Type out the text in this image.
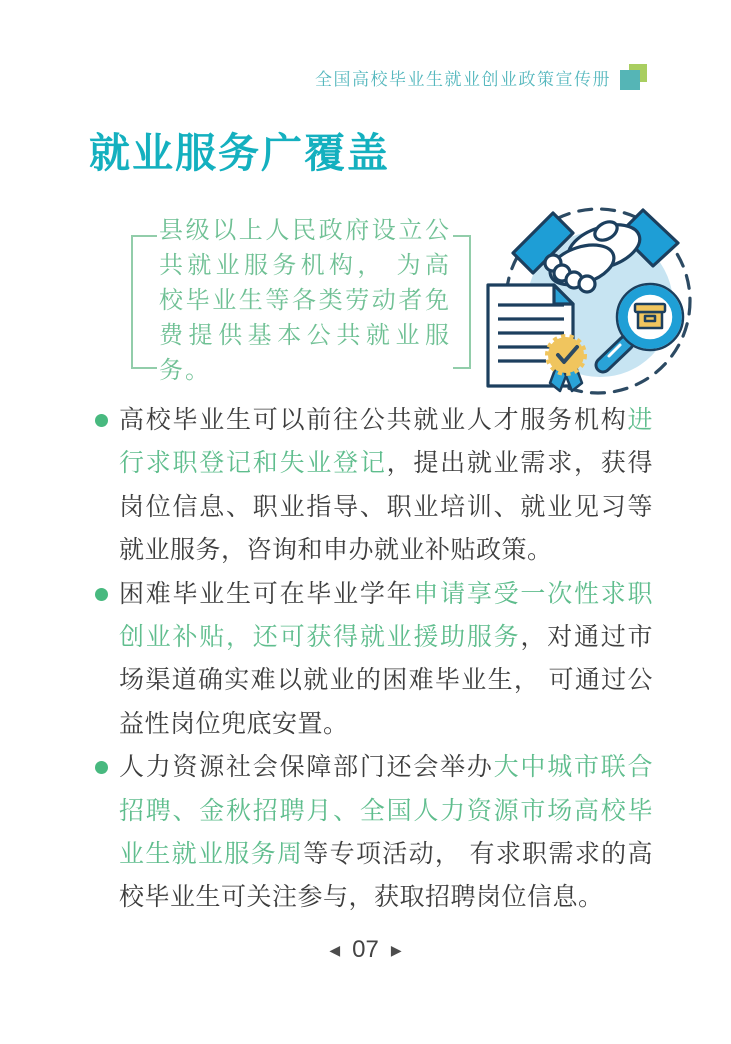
全国高校毕业生就业创业政策宣传册
就业服务广覆盖

县级以上人民政府设立公共就业服务机构， 为高校毕业生等各类劳动者免费提供基本公共就业服务。

高校毕业生可以前往公共就业人才服务机构进行求职登记和失业登记，提出就业需求，获得岗位信息、职业指导、职业培训、就业见习等就业服务，咨询和申办就业补贴政策。
困难毕业生可在毕业学年申请享受一次性求职创业补贴，还可获得就业援助服务，对通过市场渠道确实难以就业的困难毕业生， 可通过公益性岗位兜底安置。
人力资源社会保障部门还会举办大中城市联合招聘、金秋招聘月、全国人力资源市场高校毕业生就业服务周等专项活动， 有求职需求的高校毕业生可关注参与，获取招聘岗位信息。
◀ 07 ▶
